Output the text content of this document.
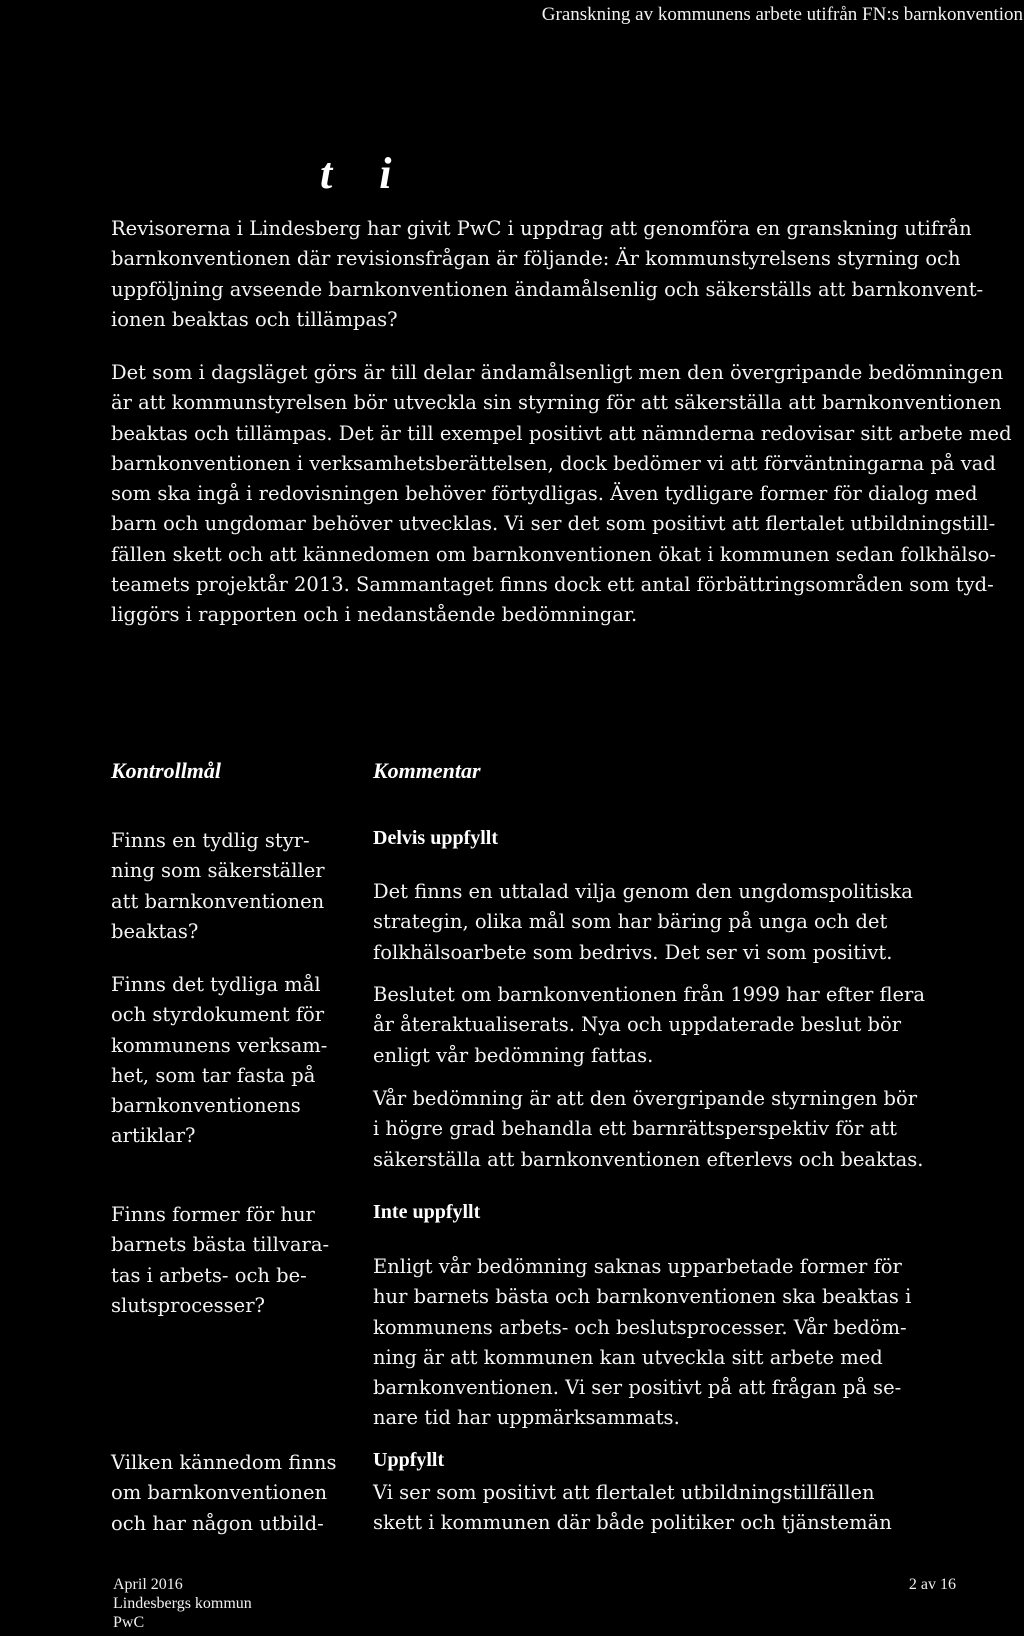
Granskning av kommunens arbete utifrån FN:s barnkonvention
t i
Revisorerna i Lindesberg har givit PwC i uppdrag att genomföra en granskning utifrån
barnkonventionen där revisionsfrågan är följande: Är kommunstyrelsens styrning och
uppföljning avseende barnkonventionen ändamålsenlig och säkerställs att barnkonvent-
ionen beaktas och tillämpas?
Det som i dagsläget görs är till delar ändamålsenligt men den övergripande bedömningen
är att kommunstyrelsen bör utveckla sin styrning för att säkerställa att barnkonventionen
beaktas och tillämpas. Det är till exempel positivt att nämnderna redovisar sitt arbete med
barnkonventionen i verksamhetsberättelsen, dock bedömer vi att förväntningarna på vad
som ska ingå i redovisningen behöver förtydligas. Även tydligare former för dialog med
barn och ungdomar behöver utvecklas. Vi ser det som positivt att flertalet utbildningstill-
fällen skett och att kännedomen om barnkonventionen ökat i kommunen sedan folkhälso-
teamets projektår 2013. Sammantaget finns dock ett antal förbättringsområden som tyd-
liggörs i rapporten och i nedanstående bedömningar.
Kontrollmål	Kommentar
Finns en tydlig styr-
ning som säkerställer
att barnkonventionen
beaktas?
Delvis uppfyllt
Det finns en uttalad vilja genom den ungdomspolitiska
strategin, olika mål som har bäring på unga och det
folkhälsoarbete som bedrivs. Det ser vi som positivt.
Finns det tydliga mål
och styrdokument för
kommunens verksam-
het, som tar fasta på
barnkonventionens
artiklar?
Beslutet om barnkonventionen från 1999 har efter flera
år återaktualiserats. Nya och uppdaterade beslut bör
enligt vår bedömning fattas.
Vår bedömning är att den övergripande styrningen bör
i högre grad behandla ett barnrättsperspektiv för att
säkerställa att barnkonventionen efterlevs och beaktas.
Finns former för hur
barnets bästa tillvara-
tas i arbets- och be-
slutsprocesser?
Inte uppfyllt
Enligt vår bedömning saknas upparbetade former för
hur barnets bästa och barnkonventionen ska beaktas i
kommunens arbets- och beslutsprocesser. Vår bedöm-
ning är att kommunen kan utveckla sitt arbete med
barnkonventionen. Vi ser positivt på att frågan på se-
nare tid har uppmärksammats.
Vilken kännedom finns
om barnkonventionen
och har någon utbild-
Uppfyllt
Vi ser som positivt att flertalet utbildningstillfällen
skett i kommunen där både politiker och tjänstemän
April 2016
Lindesbergs kommun
PwC
2 av 16
